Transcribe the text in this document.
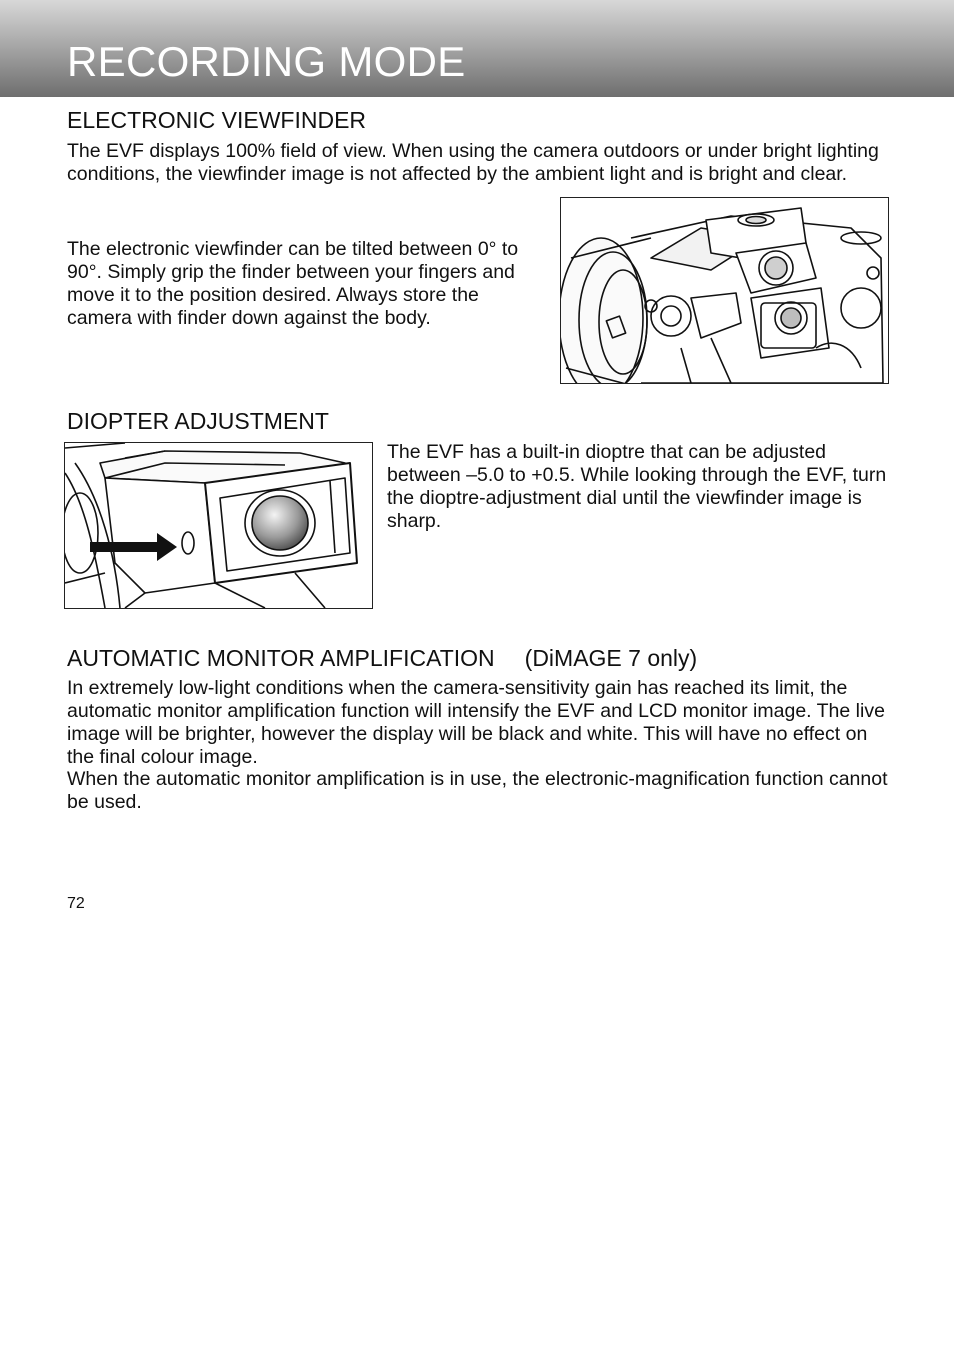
RECORDING MODE
ELECTRONIC VIEWFINDER

The EVF displays 100% field of view. When using the camera outdoors or under bright lighting conditions, the viewfinder image is not affected by the ambient light and is bright and clear.

The electronic viewfinder can be tilted between 0° to 90°. Simply grip the finder between your fingers and move it to the position desired. Always store the camera with finder down against the body.

DIOPTER ADJUSTMENT

The EVF has a built-in dioptre that can be adjusted between –5.0 to +0.5. While looking through the EVF, turn the dioptre-adjustment dial until the viewfinder image is sharp.

AUTOMATIC MONITOR AMPLIFICATION (DiMAGE 7 only)

In extremely low-light conditions when the camera-sensitivity gain has reached its limit, the automatic monitor amplification function will intensify the EVF and LCD monitor image. The live image will be brighter, however the display will be black and white. This will have no effect on the final colour image.

When the automatic monitor amplification is in use, the electronic-magnification function cannot be used.

72
